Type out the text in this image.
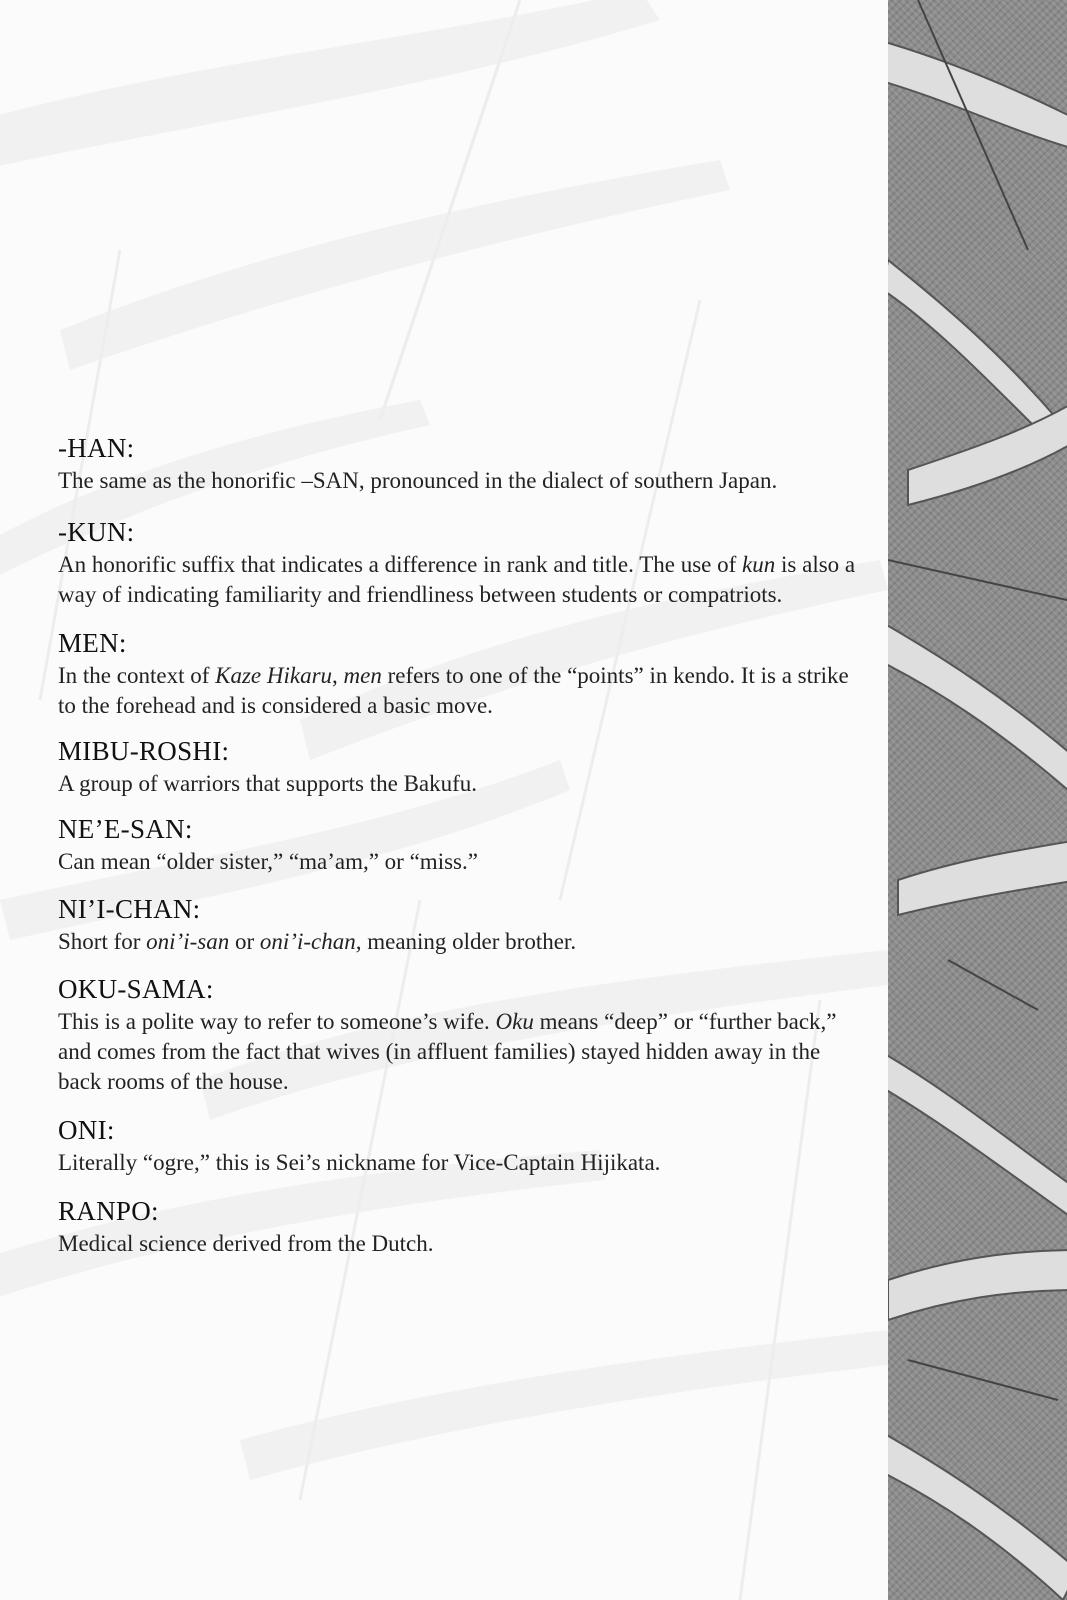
-HAN:

The same as the honorific –SAN, pronounced in the dialect of southern Japan.

-KUN:

An honorific suffix that indicates a difference in rank and title. The use of kun is also a way of indicating familiarity and friendliness between students or compatriots.

MEN:

In the context of Kaze Hikaru, men refers to one of the “points” in kendo. It is a strike to the forehead and is considered a basic move.

MIBU-ROSHI:

A group of warriors that supports the Bakufu.

NE’E-SAN:

Can mean “older sister,” “ma’am,” or “miss.”

NI’I-CHAN:

Short for oni’i-san or oni’i-chan, meaning older brother.

OKU-SAMA:

This is a polite way to refer to someone’s wife. Oku means “deep” or “further back,” and comes from the fact that wives (in affluent families) stayed hidden away in the back rooms of the house.

ONI:

Literally “ogre,” this is Sei’s nickname for Vice-Captain Hijikata.

RANPO:

Medical science derived from the Dutch.
